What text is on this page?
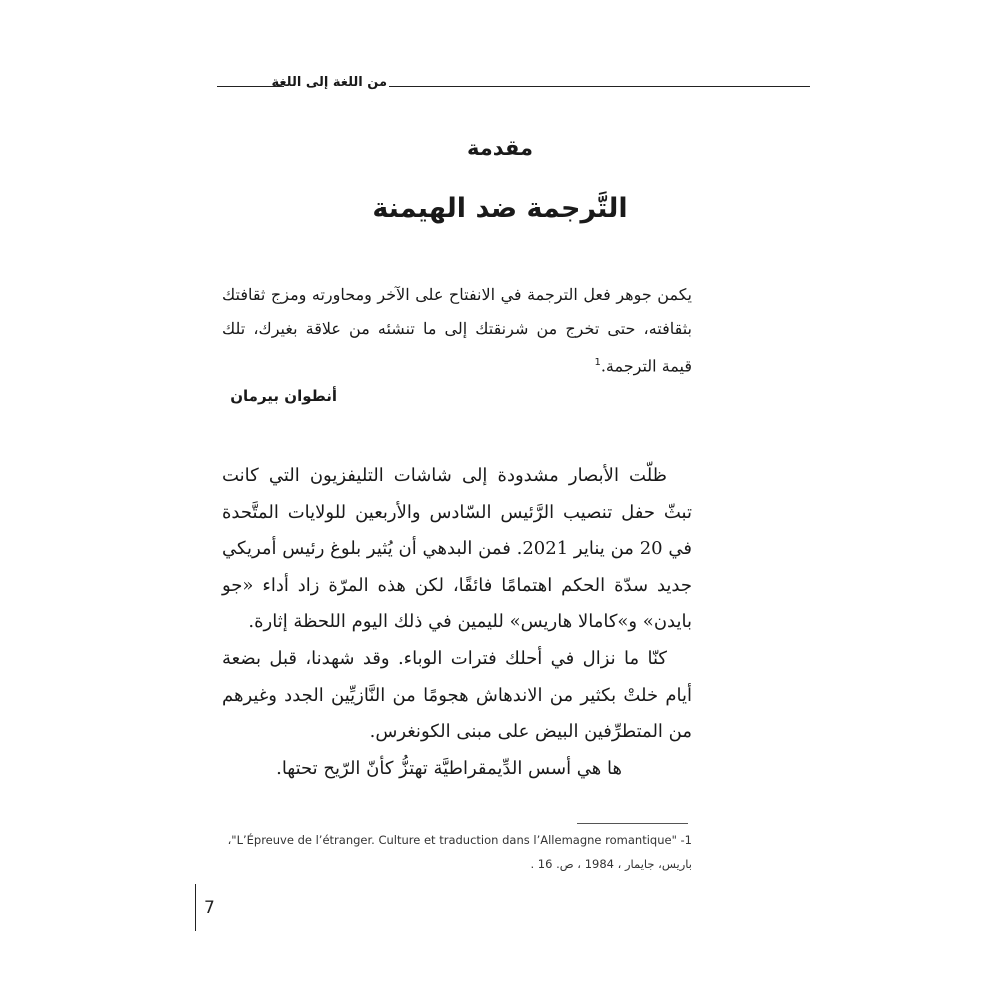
من اللغة إلى اللغة
مقدمة
التَّرجمة ضد الهيمنة

يكمن جوهر فعل الترجمة في الانفتاح على الآخر ومحاورته ومزج ثقافتك بثقافته، حتى تخرج من شرنقتك إلى ما تنشئه من علاقة بغيرك، تلك قيمة الترجمة.$^1$

أنطوان بيرمان

ظلّت الأبصار مشدودة إلى شاشات التليفزيون التي كانت تبثّ حفل تنصيب الرَّئيس السّادس والأربعين للولايات المتَّحدة في 20 من يناير 2021. فمن البدهي أن يُثير بلوغ رئيس أمريكي جديد سدّة الحكم اهتمامًا فائقًا، لكن هذه المرّة زاد أداء «جو بايدن» و»كامالا هاريس» لليمين في ذلك اليوم اللحظة إثارة.

كنّا ما نزال في أحلك فترات الوباء. وقد شهدنا، قبل بضعة أيام خلتْ بكثير من الاندهاش هجومًا من النَّازيِّين الجدد وغيرهم من المتطرِّفين البيض على مبنى الكونغرس.

ها هي أسس الدِّيمقراطيَّة تهتزُّ كأنّ الرّيح تحتها.

1- "L’Épreuve de l’étranger. Culture et traduction dans l’Allemagne romantique"،
باريس، جايمار ، 1984 ، ص. 16 .
7
